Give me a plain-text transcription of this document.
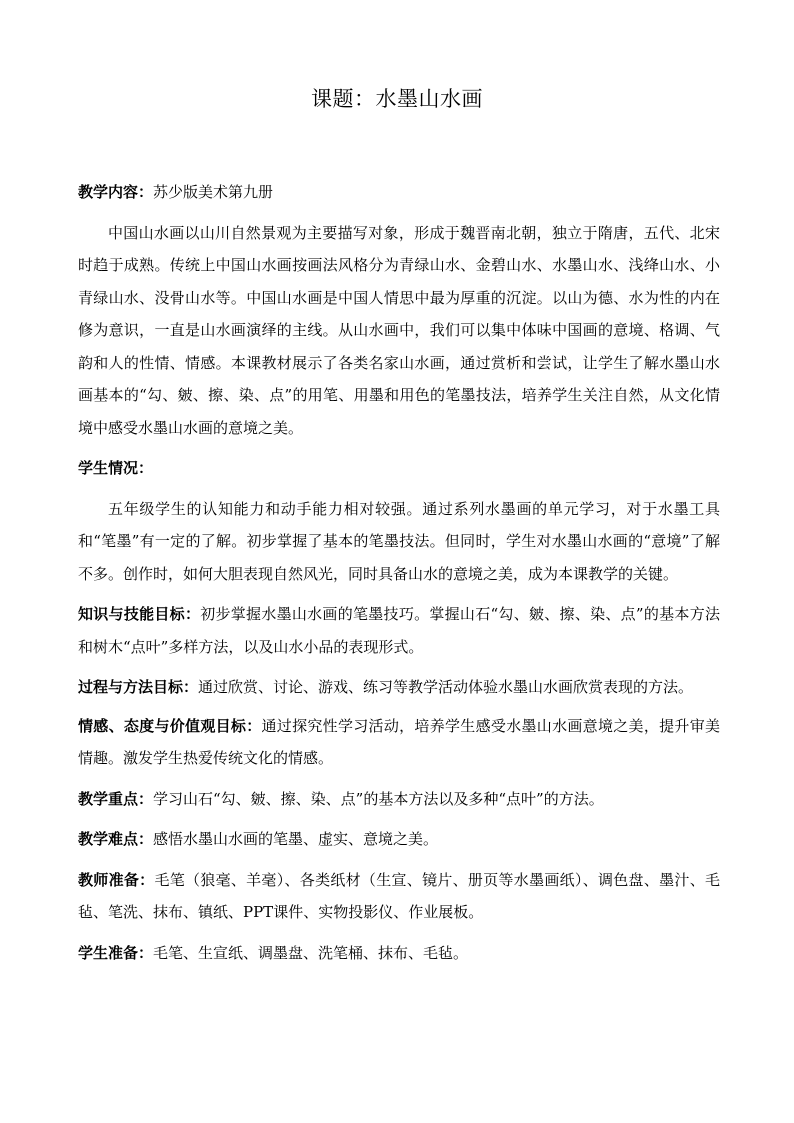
课题：水墨山水画

教学内容：苏少版美术第九册

中国山水画以山川自然景观为主要描写对象，形成于魏晋南北朝，独立于隋唐，五代、北宋时趋于成熟。传统上中国山水画按画法风格分为青绿山水、金碧山水、水墨山水、浅绛山水、小青绿山水、没骨山水等。中国山水画是中国人情思中最为厚重的沉淀。以山为德、水为性的内在修为意识，一直是山水画演绎的主线。从山水画中，我们可以集中体味中国画的意境、格调、气韵和人的性情、情感。本课教材展示了各类名家山水画，通过赏析和尝试，让学生了解水墨山水画基本的“勾、皴、擦、染、点”的用笔、用墨和用色的笔墨技法，培养学生关注自然，从文化情境中感受水墨山水画的意境之美。

学生情况：

五年级学生的认知能力和动手能力相对较强。通过系列水墨画的单元学习，对于水墨工具和“笔墨”有一定的了解。初步掌握了基本的笔墨技法。但同时，学生对水墨山水画的“意境”了解不多。创作时，如何大胆表现自然风光，同时具备山水的意境之美，成为本课教学的关键。

知识与技能目标：初步掌握水墨山水画的笔墨技巧。掌握山石“勾、皴、擦、染、点”的基本方法和树木“点叶”多样方法，以及山水小品的表现形式。

过程与方法目标：通过欣赏、讨论、游戏、练习等教学活动体验水墨山水画欣赏表现的方法。

情感、态度与价值观目标：通过探究性学习活动，培养学生感受水墨山水画意境之美，提升审美情趣。激发学生热爱传统文化的情感。

教学重点：学习山石“勾、皴、擦、染、点”的基本方法以及多种“点叶”的方法。

教学难点：感悟水墨山水画的笔墨、虚实、意境之美。

教师准备：毛笔（狼毫、羊毫）、各类纸材（生宣、镜片、册页等水墨画纸）、调色盘、墨汁、毛毡、笔洗、抹布、镇纸、PPT课件、实物投影仪、作业展板。

学生准备：毛笔、生宣纸、调墨盘、洗笔桶、抹布、毛毡。
